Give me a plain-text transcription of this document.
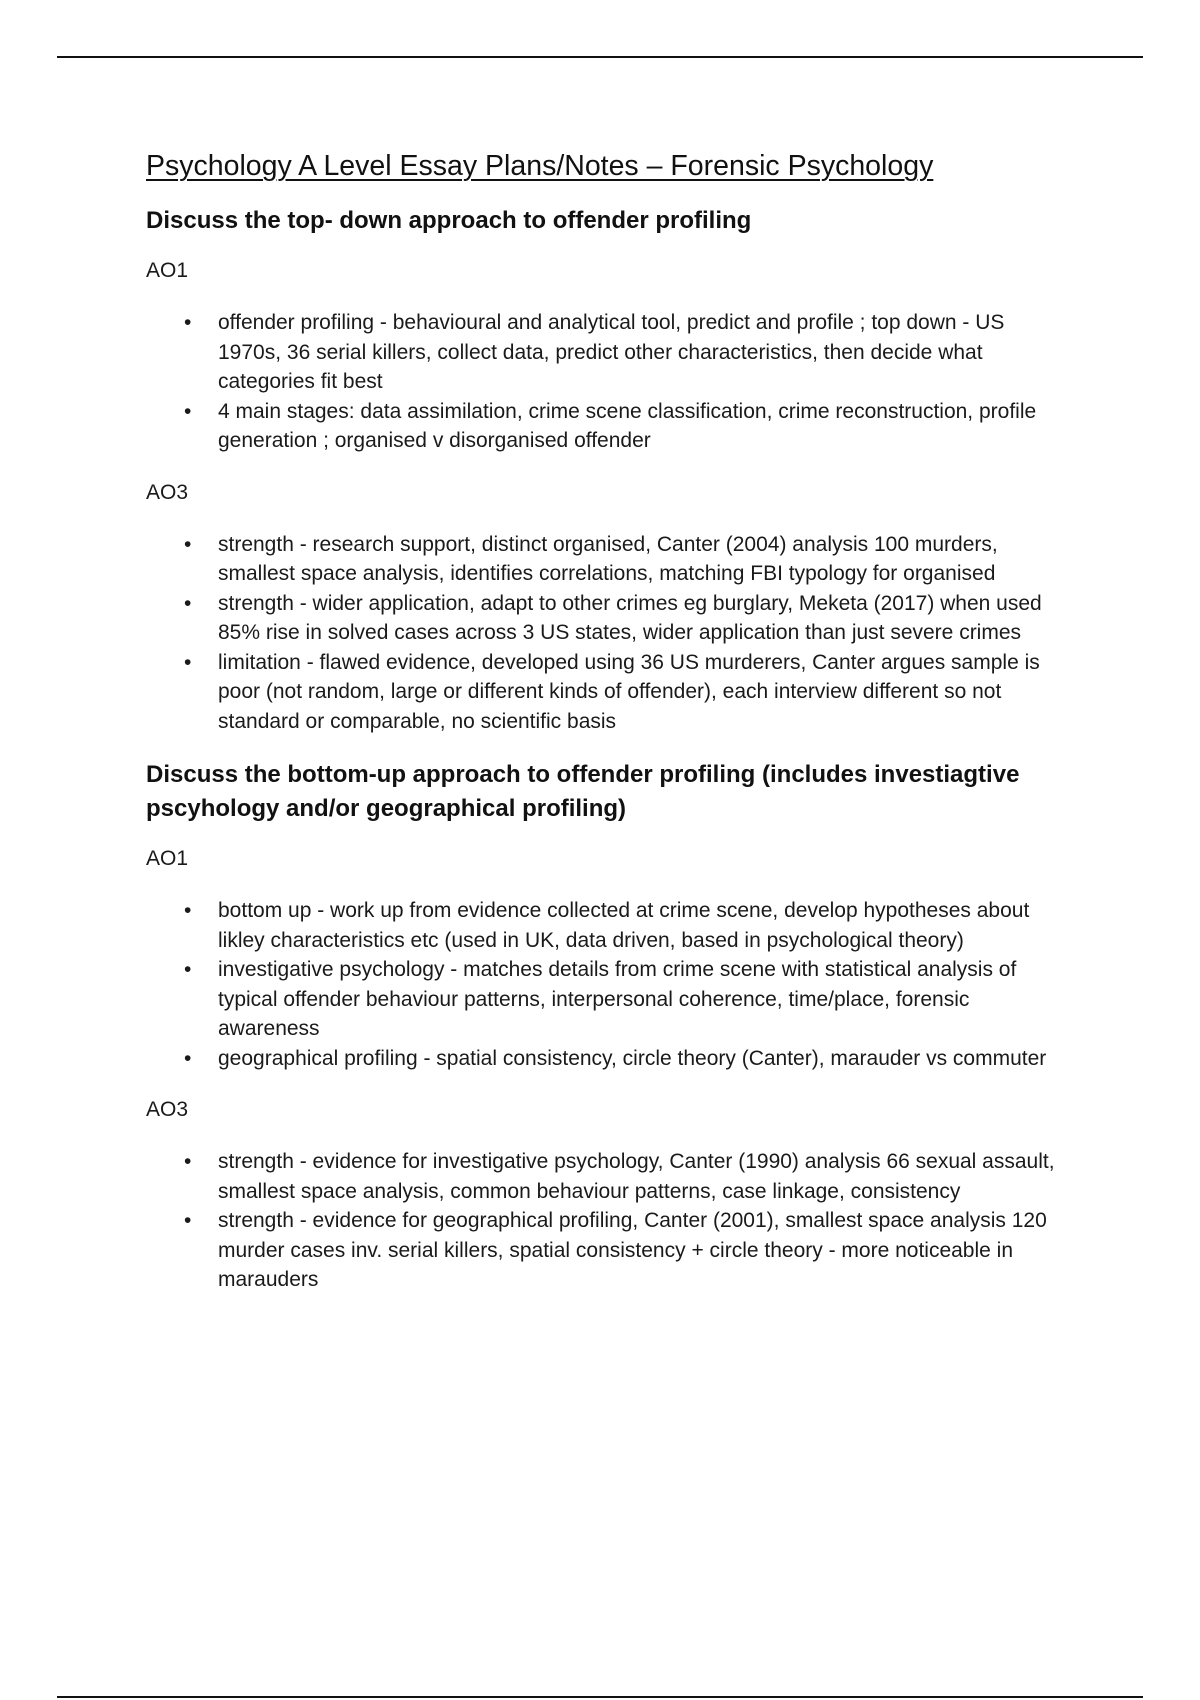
Psychology A Level Essay Plans/Notes – Forensic Psychology
Discuss the top- down approach to offender profiling
AO1
• offender profiling - behavioural and analytical tool, predict and profile ; top down - US 1970s, 36 serial killers, collect data, predict other characteristics, then decide what categories fit best
• 4 main stages: data assimilation, crime scene classification, crime reconstruction, profile generation ; organised v disorganised offender
AO3
• strength - research support, distinct organised, Canter (2004) analysis 100 murders, smallest space analysis, identifies correlations, matching FBI typology for organised
• strength - wider application, adapt to other crimes eg burglary, Meketa (2017) when used 85% rise in solved cases across 3 US states, wider application than just severe crimes
• limitation - flawed evidence, developed using 36 US murderers, Canter argues sample is poor (not random, large or different kinds of offender), each interview different so not standard or comparable, no scientific basis
Discuss the bottom-up approach to offender profiling (includes investiagtive pscyhology and/or geographical profiling)
AO1
• bottom up - work up from evidence collected at crime scene, develop hypotheses about likley characteristics etc (used in UK, data driven, based in psychological theory)
• investigative psychology - matches details from crime scene with statistical analysis of typical offender behaviour patterns, interpersonal coherence, time/place, forensic awareness
• geographical profiling - spatial consistency, circle theory (Canter), marauder vs commuter
AO3
• strength - evidence for investigative psychology, Canter (1990) analysis 66 sexual assault, smallest space analysis, common behaviour patterns, case linkage, consistency
• strength - evidence for geographical profiling, Canter (2001), smallest space analysis 120 murder cases inv. serial killers, spatial consistency + circle theory - more noticeable in marauders
